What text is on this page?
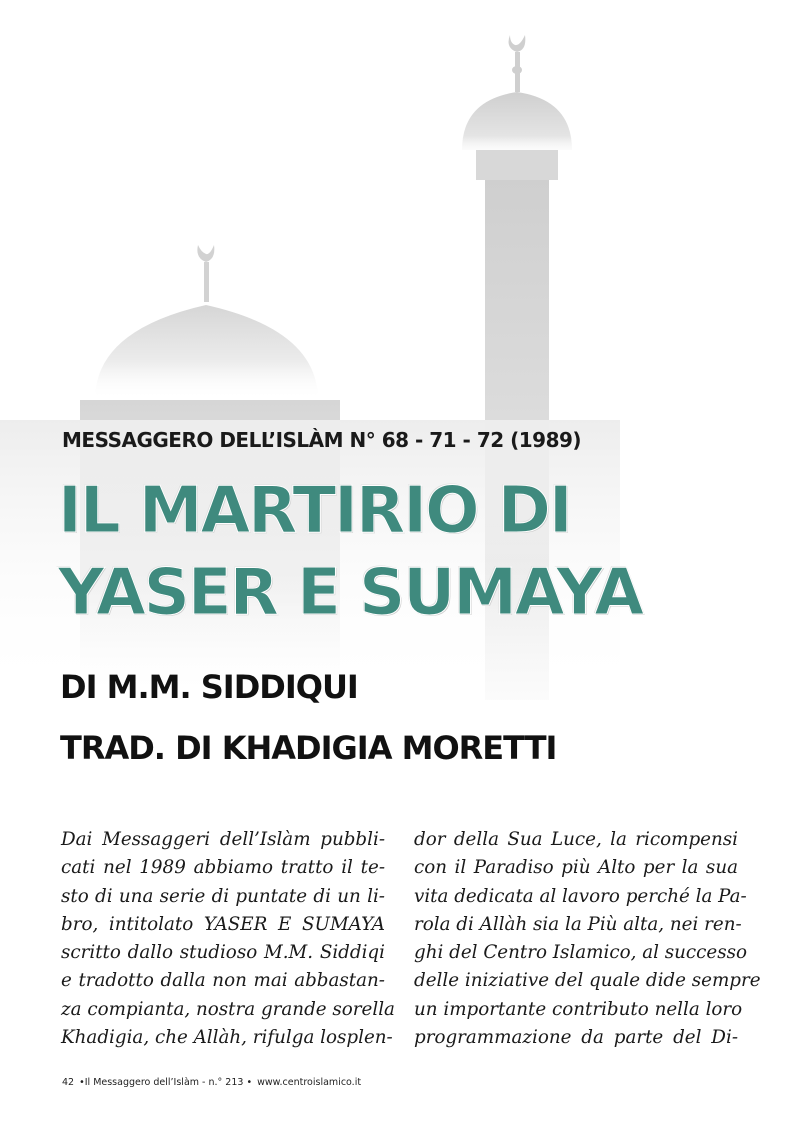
MESSAGGERO DELL’ISLÀM N° 68 - 71 - 72 (1989)
IL MARTIRIO DI
YASER E SUMAYA
DI M.M. SIDDIQUI
TRAD. DI KHADIGIA MORETTI
Dai Messaggeri dell’Islàm pubbli-
cati nel 1989 abbiamo tratto il te-
sto di una serie di puntate di un li-
bro, intitolato YASER E SUMAYA
scritto dallo studioso M.M. Siddiqi
e tradotto dalla non mai abbastan-
za compianta, nostra grande sorella
Khadigia, che Allàh, rifulga losplen-
dor della Sua Luce, la ricompensi
con il Paradiso più Alto per la sua
vita dedicata al lavoro perché la Pa-
rola di Allàh sia la Più alta, nei ren-
ghi del Centro Islamico, al successo
delle iniziative del quale dide sempre
un importante contributo nella loro
programmazione da parte del Di-
42 •Il Messaggero dell’Islàm - n.° 213 • www.centroislamico.it
